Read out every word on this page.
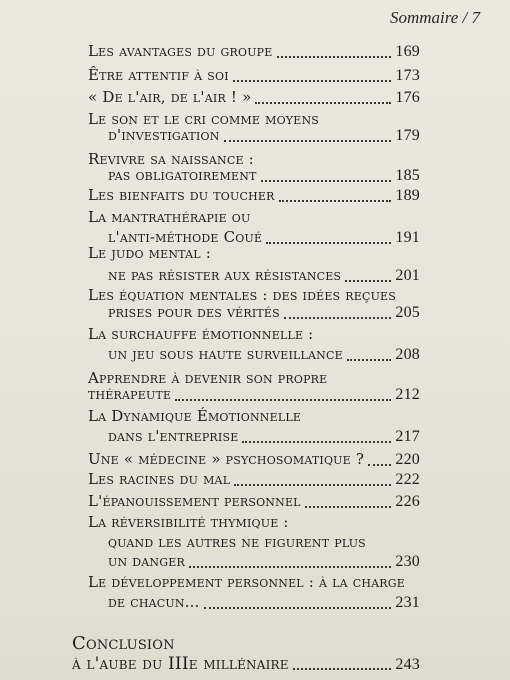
Sommaire / 7
Les avantages du groupe	169
Être attentif à soi	173
« De l'air, de l'air ! »	176
Le son et le cri comme moyens
d'investigation	179
Revivre sa naissance :
pas obligatoirement	185
Les bienfaits du toucher	189
La mantrathérapie ou
l'anti-méthode Coué	191
Le judo mental :
ne pas résister aux résistances	201
Les équation mentales : des idées reçues
prises pour des vérités	205
La surchauffe émotionnelle :
un jeu sous haute surveillance	208
Apprendre à devenir son propre
thérapeute	212
La Dynamique Émotionnelle
dans l'entreprise	217
Une « médecine » psychosomatique ? 220
Les racines du mal	222
L'épanouissement personnel	226
La réversibilité thymique :
quand les autres ne figurent plus
un danger	230
Le développement personnel : à la charge
de chacun...	231
Conclusion
à l'aube du IIIe millénaire	243
